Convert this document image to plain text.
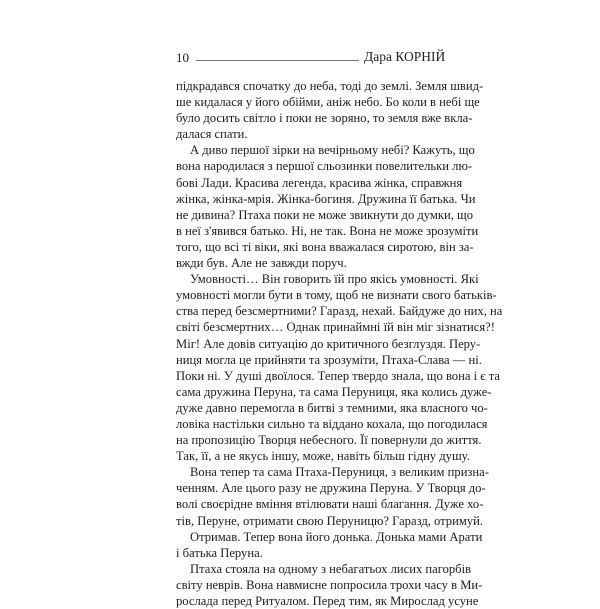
10	Дара КОРНІЙ
підкрадався спочатку до неба, тоді до землі. Земля швид-
ше кидалася у його обійми, аніж небо. Бо коли в небі ще
було досить світло і поки не зоряно, то земля вже вкла-
далася спати.
А диво першої зірки на вечірньому небі? Кажуть, що
вона народилася з першої сльозинки повелительки лю-
бові Лади. Красива легенда, красива жінка, справжня
жінка, жінка-мрія. Жінка-богиня. Дружина її батька. Чи
не дивина? Птаха поки не може звикнути до думки, що
в неї з'явився батько. Ні, не так. Вона не може зрозуміти
того, що всі ті віки, які вона вважалася сиротою, він за-
вжди був. Але не завжди поруч.
Умовності… Він говорить їй про якісь умовності. Які
умовності могли бути в тому, щоб не визнати свого батьків-
ства перед безсмертними? Гаразд, нехай. Байдуже до них, на
світі безсмертних… Однак принаймні їй він міг зізнатися?!
Міг! Але довів ситуацію до критичного безглуздя. Перу-
ниця могла це прийняти та зрозуміти, Птаха-Слава — ні.
Поки ні. У душі двоїлося. Тепер твердо знала, що вона і є та
сама дружина Перуна, та сама Перуниця, яка колись дуже-
дуже давно перемогла в битві з темними, яка власного чо-
ловіка настільки сильно та віддано кохала, що погодилася
на пропозицію Творця небесного. Її повернули до життя.
Так, її, а не якусь іншу, може, навіть більш гідну душу.
Вона тепер та сама Птаха-Перуниця, з великим призна-
ченням. Але цього разу не дружина Перуна. У Творця до-
волі своєрідне вміння втілювати наші благання. Дуже хо-
тів, Перуне, отримати свою Перуницю? Гаразд, отримуй.
Отримав. Тепер вона його донька. Донька мами Арати
і батька Перуна.
Птаха стояла на одному з небагатьох лисих пагорбів
світу неврів. Вона навмисне попросила трохи часу в Ми-
рослада перед Ритуалом. Перед тим, як Мирослад усуне
